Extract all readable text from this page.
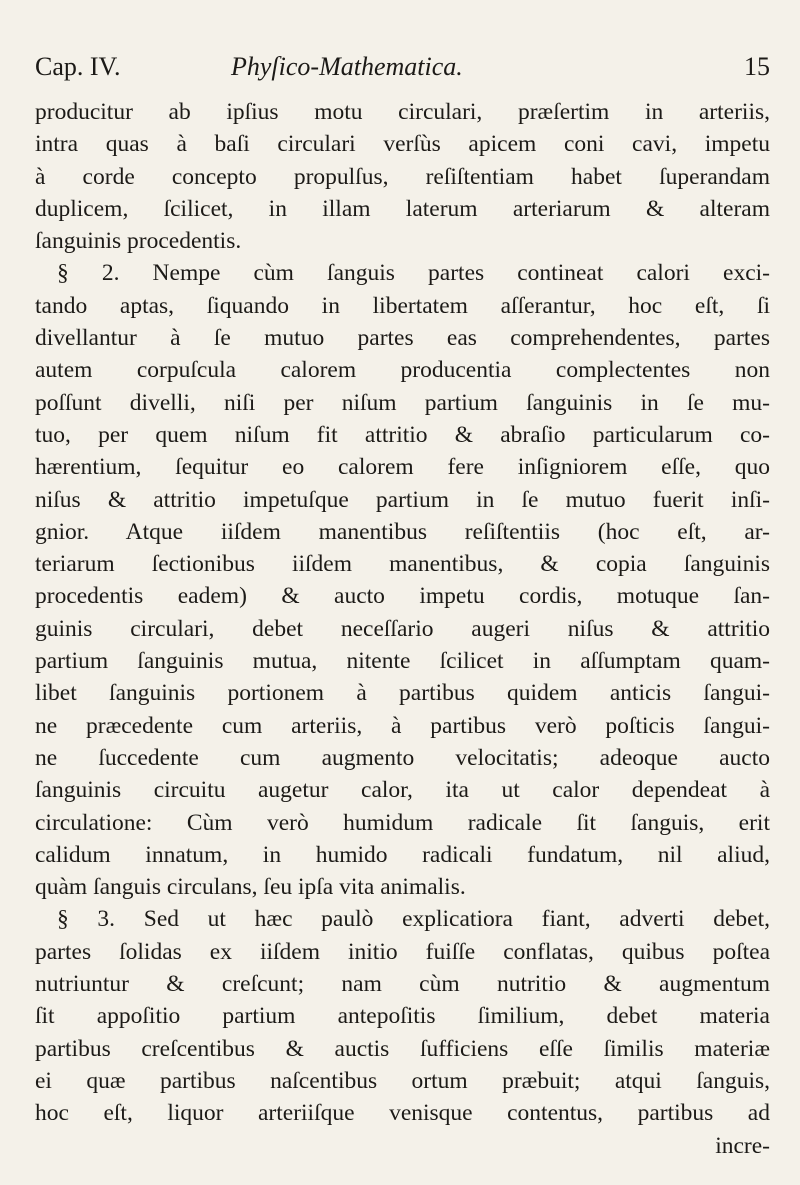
Cap. IV.	Phyſico-Mathematica.	15
producitur ab ipſius motu circulari, præſertim in arteriis,
intra quas à baſi circulari verſùs apicem coni cavi, impetu
à corde concepto propulſus, reſiſtentiam habet ſuperandam
duplicem, ſcilicet, in illam laterum arteriarum & alteram
ſanguinis procedentis.
§ 2. Nempe cùm ſanguis partes contineat calori exci-
tando aptas, ſiquando in libertatem aſſerantur, hoc eſt, ſi
divellantur à ſe mutuo partes eas comprehendentes, partes
autem corpuſcula calorem producentia complectentes non
poſſunt divelli, niſi per niſum partium ſanguinis in ſe mu-
tuo, per quem niſum fit attritio & abraſio particularum co-
hærentium, ſequitur eo calorem fere inſigniorem eſſe, quo
niſus & attritio impetuſque partium in ſe mutuo fuerit inſi-
gnior. Atque iiſdem manentibus reſiſtentiis (hoc eſt, ar-
teriarum ſectionibus iiſdem manentibus, & copia ſanguinis
procedentis eadem) & aucto impetu cordis, motuque ſan-
guinis circulari, debet neceſſario augeri niſus & attritio
partium ſanguinis mutua, nitente ſcilicet in aſſumptam quam-
libet ſanguinis portionem à partibus quidem anticis ſangui-
ne præcedente cum arteriis, à partibus verò poſticis ſangui-
ne ſuccedente cum augmento velocitatis; adeoque aucto
ſanguinis circuitu augetur calor, ita ut calor dependeat à
circulatione: Cùm verò humidum radicale ſit ſanguis, erit
calidum innatum, in humido radicali fundatum, nil aliud,
quàm ſanguis circulans, ſeu ipſa vita animalis.
§ 3. Sed ut hæc paulò explicatiora fiant, adverti debet,
partes ſolidas ex iiſdem initio fuiſſe conflatas, quibus poſtea
nutriuntur & creſcunt; nam cùm nutritio & augmentum
ſit appoſitio partium antepoſitis ſimilium, debet materia
partibus creſcentibus & auctis ſufficiens eſſe ſimilis materiæ
ei quæ partibus naſcentibus ortum præbuit; atqui ſanguis,
hoc eſt, liquor arteriiſque venisque contentus, partibus ad
incre-
